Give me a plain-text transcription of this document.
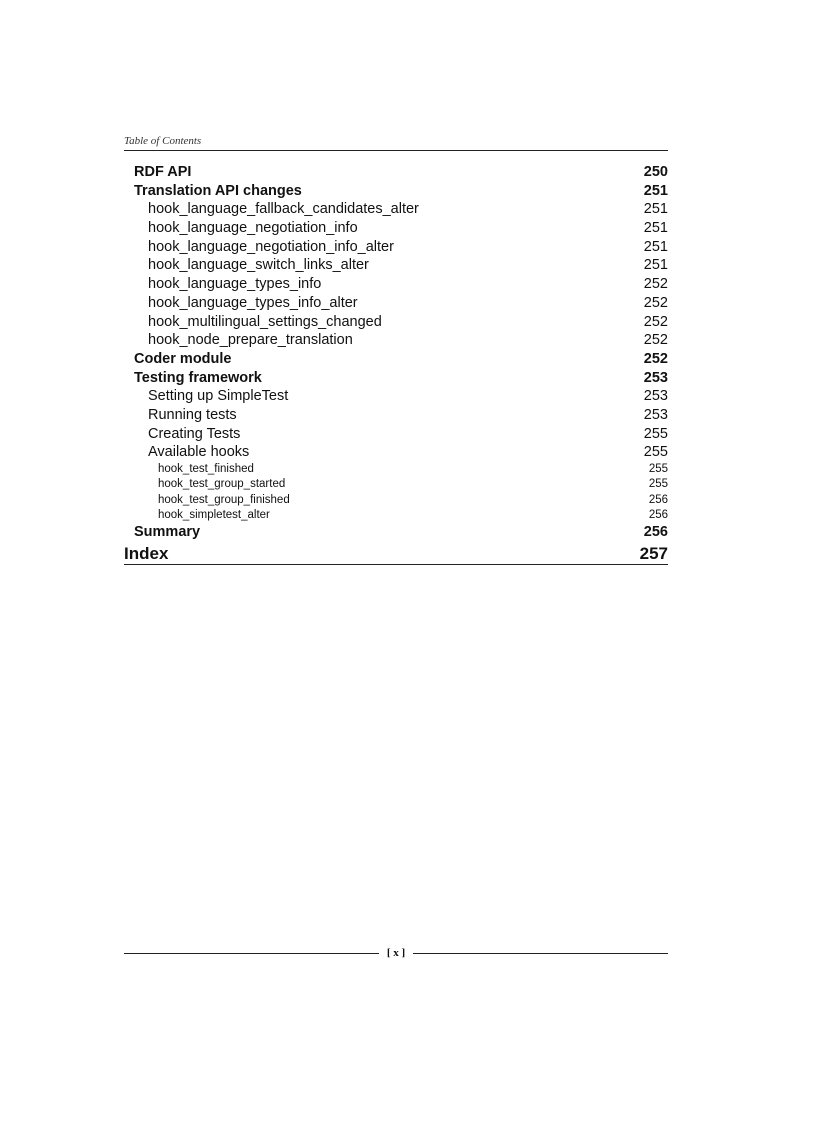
Table of Contents
RDF API	250
Translation API changes	251
hook_language_fallback_candidates_alter	251
hook_language_negotiation_info	251
hook_language_negotiation_info_alter	251
hook_language_switch_links_alter	251
hook_language_types_info	252
hook_language_types_info_alter	252
hook_multilingual_settings_changed	252
hook_node_prepare_translation	252
Coder module	252
Testing framework	253
Setting up SimpleTest	253
Running tests	253
Creating Tests	255
Available hooks	255
hook_test_finished	255
hook_test_group_started	255
hook_test_group_finished	256
hook_simpletest_alter	256
Summary	256
Index	257
[ x ]
